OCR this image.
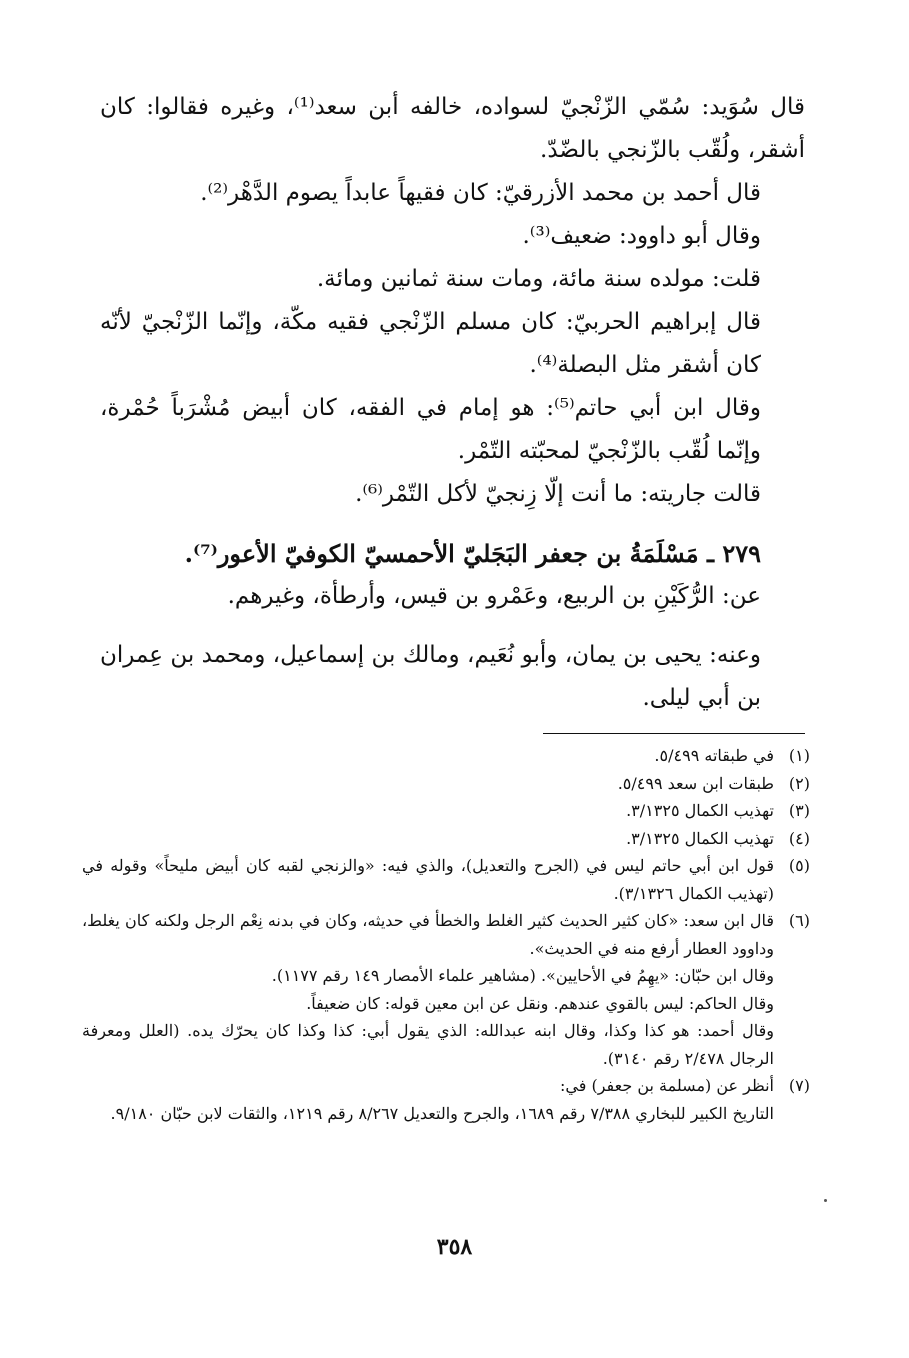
قال سُوَيد: سُمّي الزّنْجيّ لسواده، خالفه أبن سعد⁽¹⁾، وغيره فقالوا: كان أشقر، ولُقّب بالزّنجي بالضّدّ.

قال أحمد بن محمد الأزرقيّ: كان فقيهاً عابداً يصوم الدَّهْر⁽²⁾.

وقال أبو داوود: ضعيف⁽³⁾.

قلت: مولده سنة مائة، ومات سنة ثمانين ومائة.

قال إبراهيم الحربيّ: كان مسلم الزّنْجي فقيه مكّة، وإنّما الزّنْجيّ لأنّه كان أشقر مثل البصلة⁽⁴⁾.

وقال ابن أبي حاتم⁽⁵⁾: هو إمام في الفقه، كان أبيض مُشْرَباً حُمْرة، وإنّما لُقّب بالزّنْجيّ لمحبّته التّمْر.

قالت جاريته: ما أنت إلّا زِنجيّ لأكل التّمْر⁽⁶⁾.

٢٧٩ ـ مَسْلَمَةُ بن جعفر البَجَليّ الأحمسيّ الكوفيّ الأعور⁽⁷⁾.

عن: الرُّكَيْنِ بن الربيع، وعَمْرو بن قيس، وأرطأة، وغيرهم.

وعنه: يحيى بن يمان، وأبو نُعَيم، ومالك بن إسماعيل، ومحمد بن عِمران بن أبي ليلى.

(١)
في طبقاته ٥/٤٩٩.
(٢)
طبقات ابن سعد ٥/٤٩٩.
(٣)
تهذيب الكمال ٣/١٣٢٥.
(٤)
تهذيب الكمال ٣/١٣٢٥.
(٥)
قول ابن أبي حاتم ليس في (الجرح والتعديل)، والذي فيه: «والزنجي لقبه كان أبيض مليحاً» وقوله في (تهذيب الكمال ٣/١٣٢٦).
(٦)
قال ابن سعد: «كان كثير الحديث كثير الغلط والخطأ في حديثه، وكان في بدنه نِعْم الرجل ولكنه كان يغلط، وداوود العطار أرفع منه في الحديث».
وقال ابن حبّان: «يهِمُ في الأحايين». (مشاهير علماء الأمصار ١٤٩ رقم ١١٧٧).
وقال الحاكم: ليس بالقوي عندهم. ونقل عن ابن معين قوله: كان ضعيفاً.
وقال أحمد: هو كذا وكذا، وقال ابنه عبدالله: الذي يقول أبي: كذا وكذا كان يحرّك يده. (العلل ومعرفة الرجال ٢/٤٧٨ رقم ٣١٤٠).
(٧)
أنظر عن (مسلمة بن جعفر) في:
التاريخ الكبير للبخاري ٧/٣٨٨ رقم ١٦٨٩، والجرح والتعديل ٨/٢٦٧ رقم ١٢١٩، والثقات لابن حبّان ٩/١٨٠.
٣٥٨
